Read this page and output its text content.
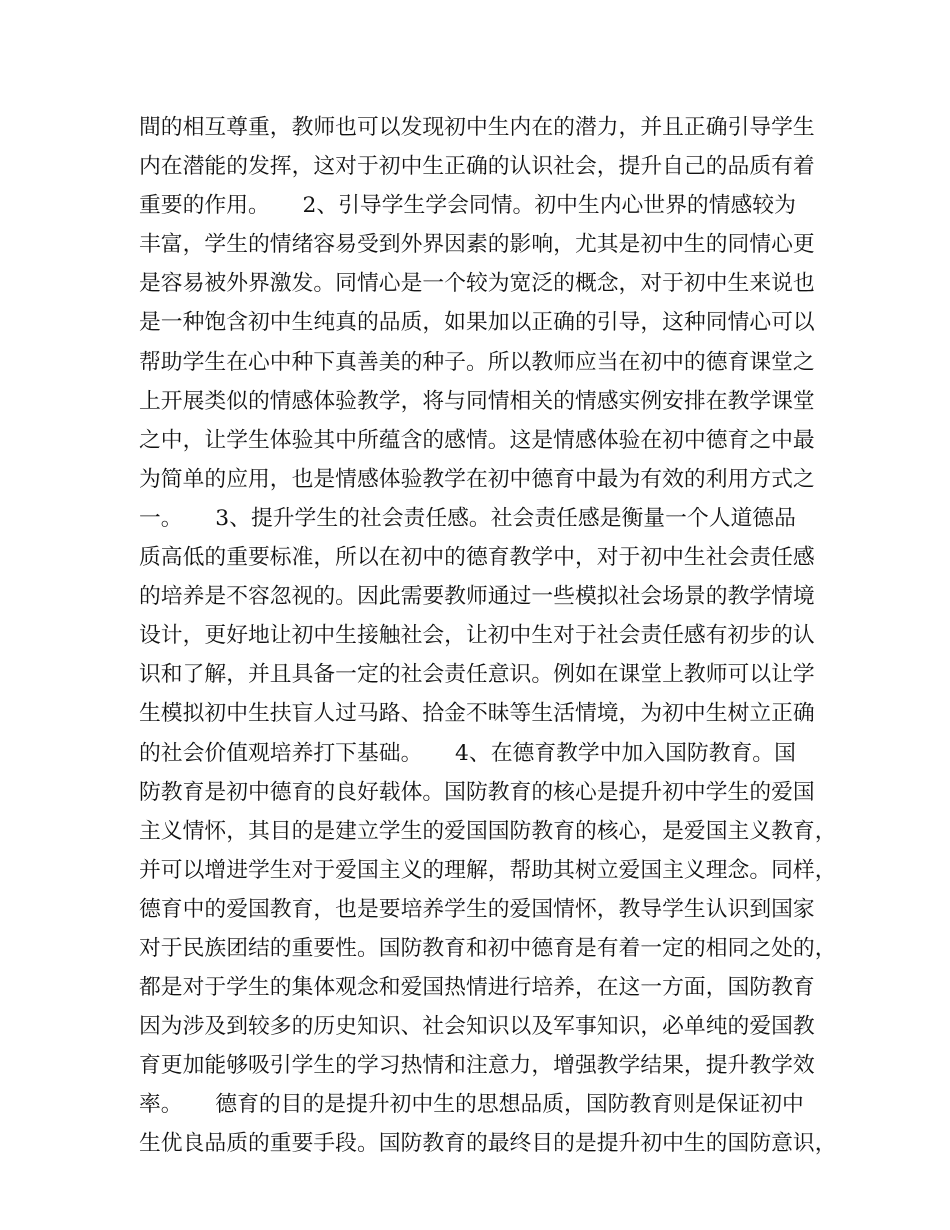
間的相互尊重，教师也可以发现初中生内在的潜力，并且正确引导学生
内在潜能的发挥，这对于初中生正确的认识社会，提升自己的品质有着
重要的作用。　　2、引导学生学会同情。初中生内心世界的情感较为
丰富，学生的情绪容易受到外界因素的影响，尤其是初中生的同情心更
是容易被外界激发。同情心是一个较为宽泛的概念，对于初中生来说也
是一种饱含初中生纯真的品质，如果加以正确的引导，这种同情心可以
帮助学生在心中种下真善美的种子。所以教师应当在初中的德育课堂之
上开展类似的情感体验教学，将与同情相关的情感实例安排在教学课堂
之中，让学生体验其中所蕴含的感情。这是情感体验在初中德育之中最
为简单的应用，也是情感体验教学在初中德育中最为有效的利用方式之
一。　　3、提升学生的社会责任感。社会责任感是衡量一个人道德品
质高低的重要标准，所以在初中的德育教学中，对于初中生社会责任感
的培养是不容忽视的。因此需要教师通过一些模拟社会场景的教学情境
设计，更好地让初中生接触社会，让初中生对于社会责任感有初步的认
识和了解，并且具备一定的社会责任意识。例如在课堂上教师可以让学
生模拟初中生扶盲人过马路、拾金不昧等生活情境，为初中生树立正确
的社会价值观培养打下基础。　　4、在德育教学中加入国防教育。国
防教育是初中德育的良好载体。国防教育的核心是提升初中学生的爱国
主义情怀，其目的是建立学生的爱国国防教育的核心，是爱国主义教育，
并可以增进学生对于爱国主义的理解，帮助其树立爱国主义理念。同样，
德育中的爱国教育，也是要培养学生的爱国情怀，教导学生认识到国家
对于民族团结的重要性。国防教育和初中德育是有着一定的相同之处的，
都是对于学生的集体观念和爱国热情进行培养，在这一方面，国防教育
因为涉及到较多的历史知识、社会知识以及军事知识，必单纯的爱国教
育更加能够吸引学生的学习热情和注意力，增强教学结果，提升教学效
率。　　德育的目的是提升初中生的思想品质，国防教育则是保证初中
生优良品质的重要手段。国防教育的最终目的是提升初中生的国防意识，
